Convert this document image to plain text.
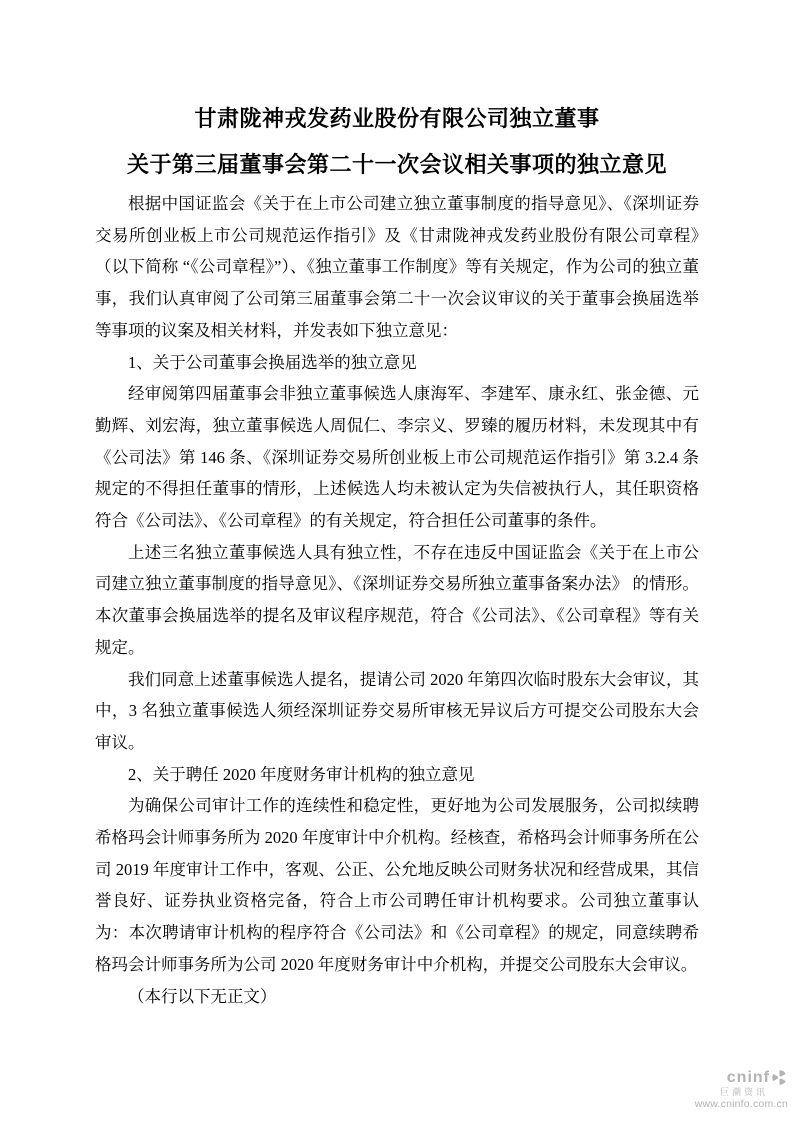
甘肃陇神戎发药业股份有限公司独立董事
关于第三届董事会第二十一次会议相关事项的独立意见

根据中国证监会《关于在上市公司建立独立董事制度的指导意见》、《深圳证券交易所创业板上市公司规范运作指引》及《甘肃陇神戎发药业股份有限公司章程》　（以下简称 “《公司章程》”）、《独立董事工作制度》等有关规定，作为公司的独立董事，我们认真审阅了公司第三届董事会第二十一次会议审议的关于董事会换届选举等事项的议案及相关材料，并发表如下独立意见：

1、关于公司董事会换届选举的独立意见

经审阅第四届董事会非独立董事候选人康海军、李建军、康永红、张金德、元勤辉、刘宏海，独立董事候选人周侃仁、李宗义、罗臻的履历材料，未发现其中有《公司法》第 146 条、《深圳证券交易所创业板上市公司规范运作指引》第 3.2.4 条规定的不得担任董事的情形，上述候选人均未被认定为失信被执行人，其任职资格符合《公司法》、《公司章程》的有关规定，符合担任公司董事的条件。

上述三名独立董事候选人具有独立性，不存在违反中国证监会《关于在上市公司建立独立董事制度的指导意见》、《深圳证券交易所独立董事备案办法》 的情形。本次董事会换届选举的提名及审议程序规范，符合《公司法》、《公司章程》等有关规定。

我们同意上述董事候选人提名，提请公司 2020 年第四次临时股东大会审议，其中，3 名独立董事候选人须经深圳证券交易所审核无异议后方可提交公司股东大会审议。

2、关于聘任 2020 年度财务审计机构的独立意见

为确保公司审计工作的连续性和稳定性，更好地为公司发展服务，公司拟续聘希格玛会计师事务所为 2020 年度审计中介机构。经核查，希格玛会计师事务所在公司 2019 年度审计工作中，客观、公正、公允地反映公司财务状况和经营成果，其信誉良好、证券执业资格完备，符合上市公司聘任审计机构要求。公司独立董事认为：本次聘请审计机构的程序符合《公司法》和《公司章程》的规定，同意续聘希格玛会计师事务所为公司 2020 年度财务审计中介机构，并提交公司股东大会审议。

（本行以下无正文）

cninf
巨潮资讯
www.cninfo.com.cn
